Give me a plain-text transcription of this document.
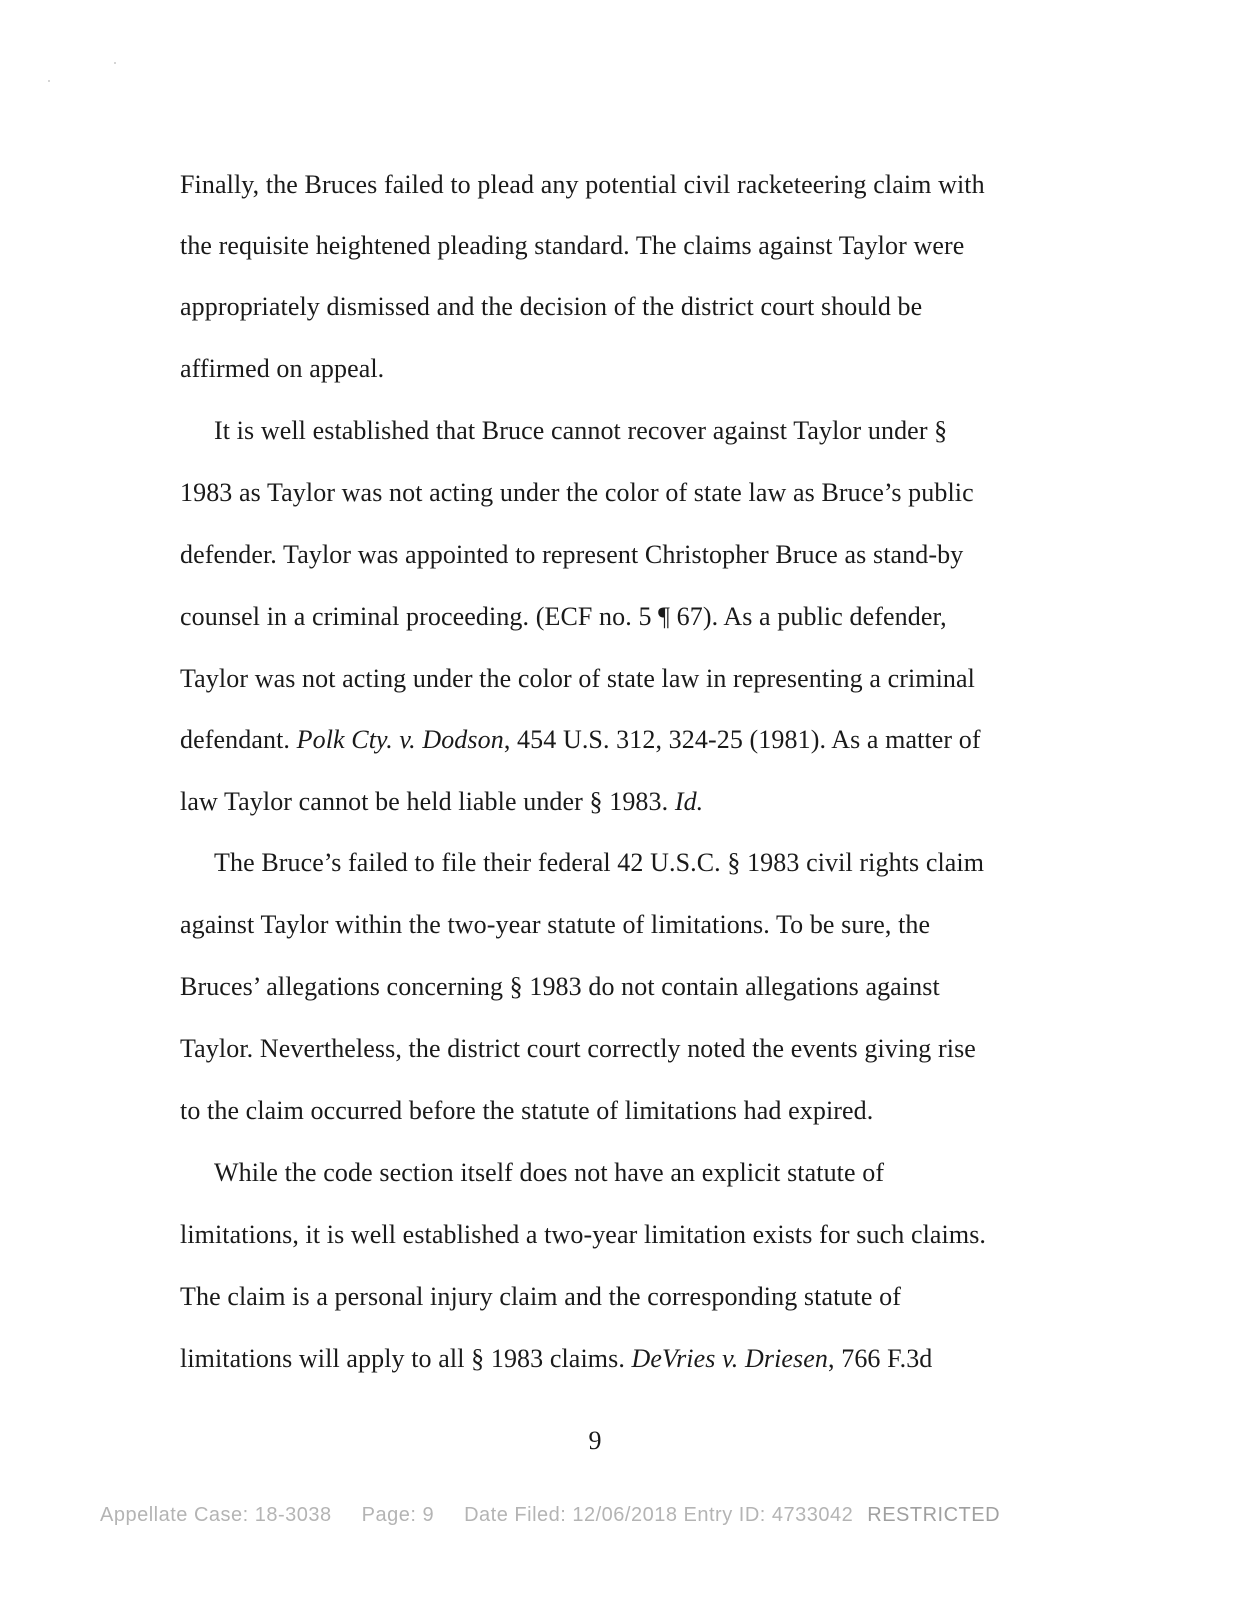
Finally, the Bruces failed to plead any potential civil racketeering claim with
the requisite heightened pleading standard. The claims against Taylor were
appropriately dismissed and the decision of the district court should be
affirmed on appeal.
It is well established that Bruce cannot recover against Taylor under §
1983 as Taylor was not acting under the color of state law as Bruce’s public
defender. Taylor was appointed to represent Christopher Bruce as stand-by
counsel in a criminal proceeding. (ECF no. 5 ¶ 67). As a public defender,
Taylor was not acting under the color of state law in representing a criminal
defendant. Polk Cty. v. Dodson, 454 U.S. 312, 324-25 (1981). As a matter of
law Taylor cannot be held liable under § 1983. Id.
The Bruce’s failed to file their federal 42 U.S.C. § 1983 civil rights claim
against Taylor within the two-year statute of limitations. To be sure, the
Bruces’ allegations concerning § 1983 do not contain allegations against
Taylor. Nevertheless, the district court correctly noted the events giving rise
to the claim occurred before the statute of limitations had expired.
While the code section itself does not have an explicit statute of
limitations, it is well established a two-year limitation exists for such claims.
The claim is a personal injury claim and the corresponding statute of
limitations will apply to all § 1983 claims. DeVries v. Driesen, 766 F.3d
9
Appellate Case: 18-3038 Page: 9 Date Filed: 12/06/2018 Entry ID: 4733042 RESTRICTED
